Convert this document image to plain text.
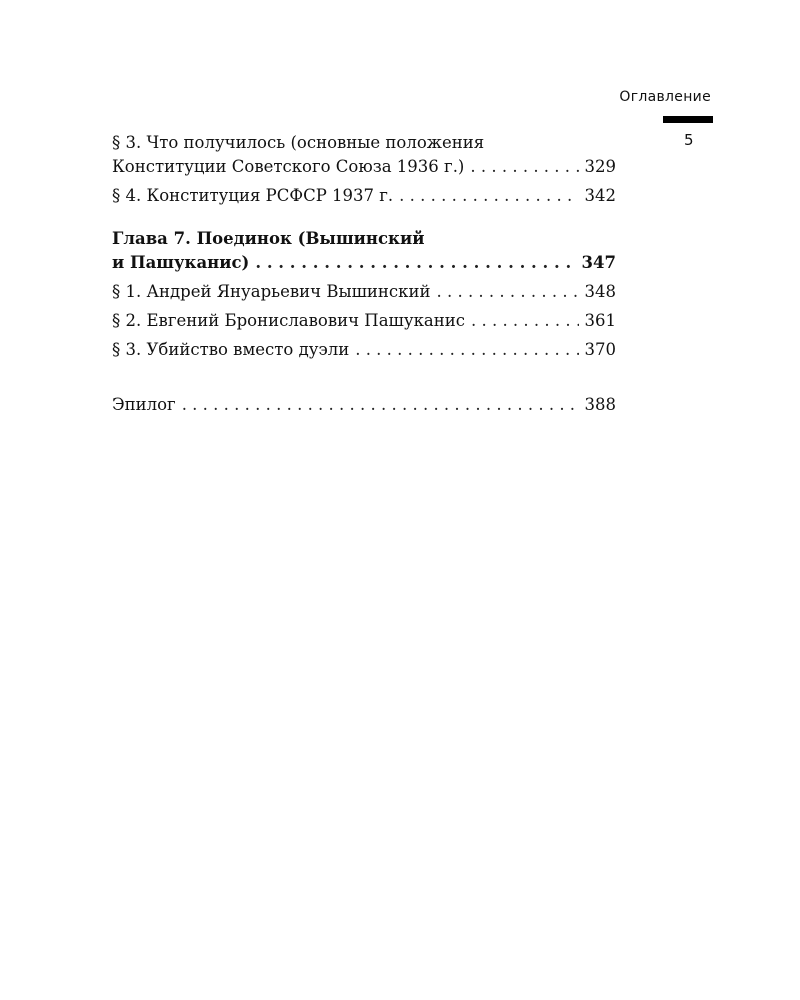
Оглавление
5
§ 3. Что получилось (основные положения
Конституции Советского Союза 1936 г.) . . .	329
§ 4. Конституция РСФСР 1937 г. . . .	342
Глава 7. Поединок (Вышинский
и Пашуканис) . . .	347
§ 1. Андрей Януарьевич Вышинский . . .	348
§ 2. Евгений Брониславович Пашуканис . . .	361
§ 3. Убийство вместо дуэли . . .	370
Эпилог . . .	388
